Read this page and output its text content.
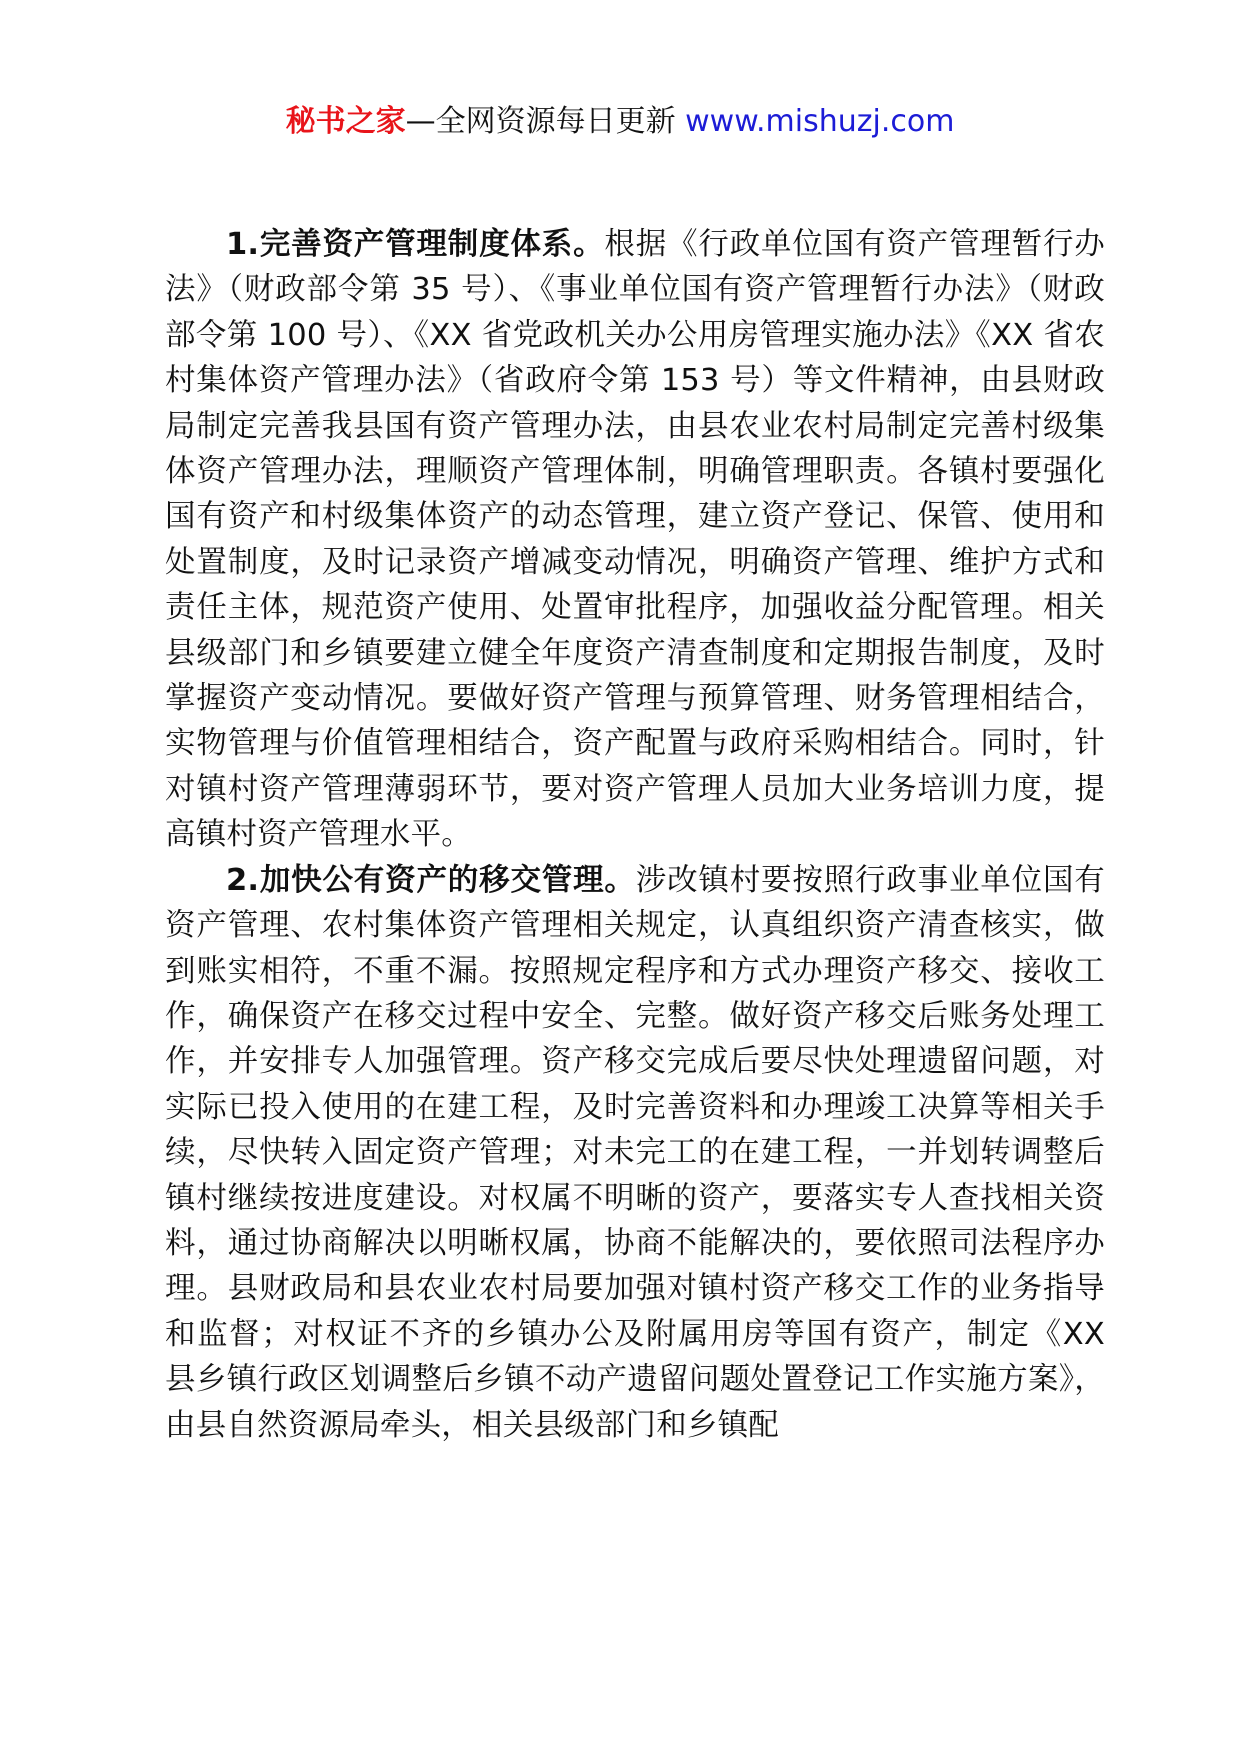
秘书之家—全网资源每日更新 www.mishuzj.com

1.完善资产管理制度体系。根据《行政单位国有资产管理暂行办法》（财政部令第 35 号）、《事业单位国有资产管理暂行办法》（财政部令第 100 号）、《XX 省党政机关办公用房管理实施办法》《XX 省农村集体资产管理办法》（省政府令第 153 号）等文件精神，由县财政局制定完善我县国有资产管理办法，由县农业农村局制定完善村级集体资产管理办法，理顺资产管理体制，明确管理职责。各镇村要强化国有资产和村级集体资产的动态管理，建立资产登记、保管、使用和处置制度，及时记录资产增减变动情况，明确资产管理、维护方式和责任主体，规范资产使用、处置审批程序，加强收益分配管理。相关县级部门和乡镇要建立健全年度资产清查制度和定期报告制度，及时掌握资产变动情况。要做好资产管理与预算管理、财务管理相结合，实物管理与价值管理相结合，资产配置与政府采购相结合。同时，针对镇村资产管理薄弱环节，要对资产管理人员加大业务培训力度，提高镇村资产管理水平。

2.加快公有资产的移交管理。涉改镇村要按照行政事业单位国有资产管理、农村集体资产管理相关规定，认真组织资产清查核实，做到账实相符，不重不漏。按照规定程序和方式办理资产移交、接收工作，确保资产在移交过程中安全、完整。做好资产移交后账务处理工作，并安排专人加强管理。资产移交完成后要尽快处理遗留问题，对实际已投入使用的在建工程，及时完善资料和办理竣工决算等相关手续，尽快转入固定资产管理；对未完工的在建工程，一并划转调整后镇村继续按进度建设。对权属不明晰的资产，要落实专人查找相关资料，通过协商解决以明晰权属，协商不能解决的，要依照司法程序办理。县财政局和县农业农村局要加强对镇村资产移交工作的业务指导和监督；对权证不齐的乡镇办公及附属用房等国有资产，制定《XX 县乡镇行政区划调整后乡镇不动产遗留问题处置登记工作实施方案》，由县自然资源局牵头，相关县级部门和乡镇配
